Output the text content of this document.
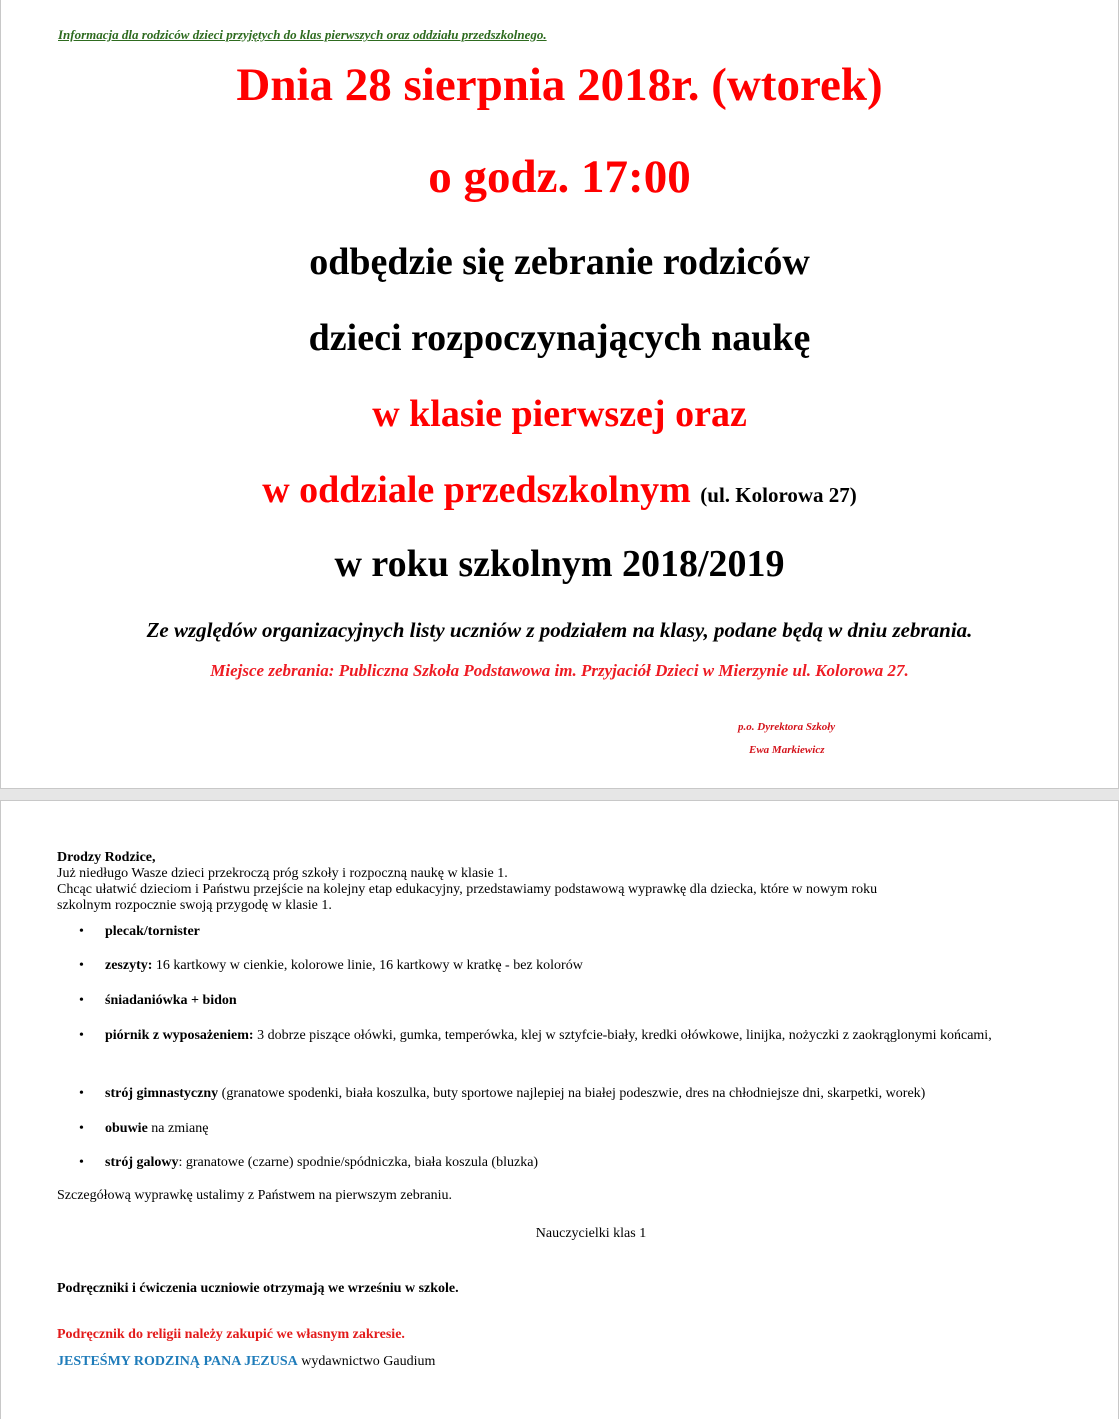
Informacja dla rodziców dzieci przyjętych do klas pierwszych oraz oddziału przedszkolnego.
Dnia 28 sierpnia 2018r. (wtorek)
o godz. 17:00
odbędzie się zebranie rodziców
dzieci rozpoczynających naukę
w klasie pierwszej oraz
w oddziale przedszkolnym (ul. Kolorowa 27)
w roku szkolnym 2018/2019
Ze względów organizacyjnych listy uczniów z podziałem na klasy, podane będą w dniu zebrania.
Miejsce zebrania: Publiczna Szkoła Podstawowa im. Przyjaciół Dzieci w Mierzynie ul. Kolorowa 27.
p.o. Dyrektora Szkoły
Ewa Markiewicz
Drodzy Rodzice,
Już niedługo Wasze dzieci przekroczą próg szkoły i rozpoczną naukę w klasie 1.
Chcąc ułatwić dzieciom i Państwu przejście na kolejny etap edukacyjny, przedstawiamy podstawową wyprawkę dla dziecka, które w nowym roku
szkolnym rozpocznie swoją przygodę w klasie 1.
• plecak/tornister
• zeszyty: 16 kartkowy w cienkie, kolorowe linie, 16 kartkowy w kratkę - bez kolorów
• śniadaniówka + bidon
• piórnik z wyposażeniem: 3 dobrze piszące ołówki, gumka, temperówka, klej w sztyfcie-biały, kredki ołówkowe, linijka, nożyczki z zaokrąglonymi końcami,
• strój gimnastyczny (granatowe spodenki, biała koszulka, buty sportowe najlepiej na białej podeszwie, dres na chłodniejsze dni, skarpetki, worek)
• obuwie na zmianę
• strój galowy: granatowe (czarne) spodnie/spódniczka, biała koszula (bluzka)
Szczegółową wyprawkę ustalimy z Państwem na pierwszym zebraniu.
Nauczycielki klas 1
Podręczniki i ćwiczenia uczniowie otrzymają we wrześniu w szkole.
Podręcznik do religii należy zakupić we własnym zakresie.
JESTEŚMY RODZINĄ PANA JEZUSA wydawnictwo Gaudium
